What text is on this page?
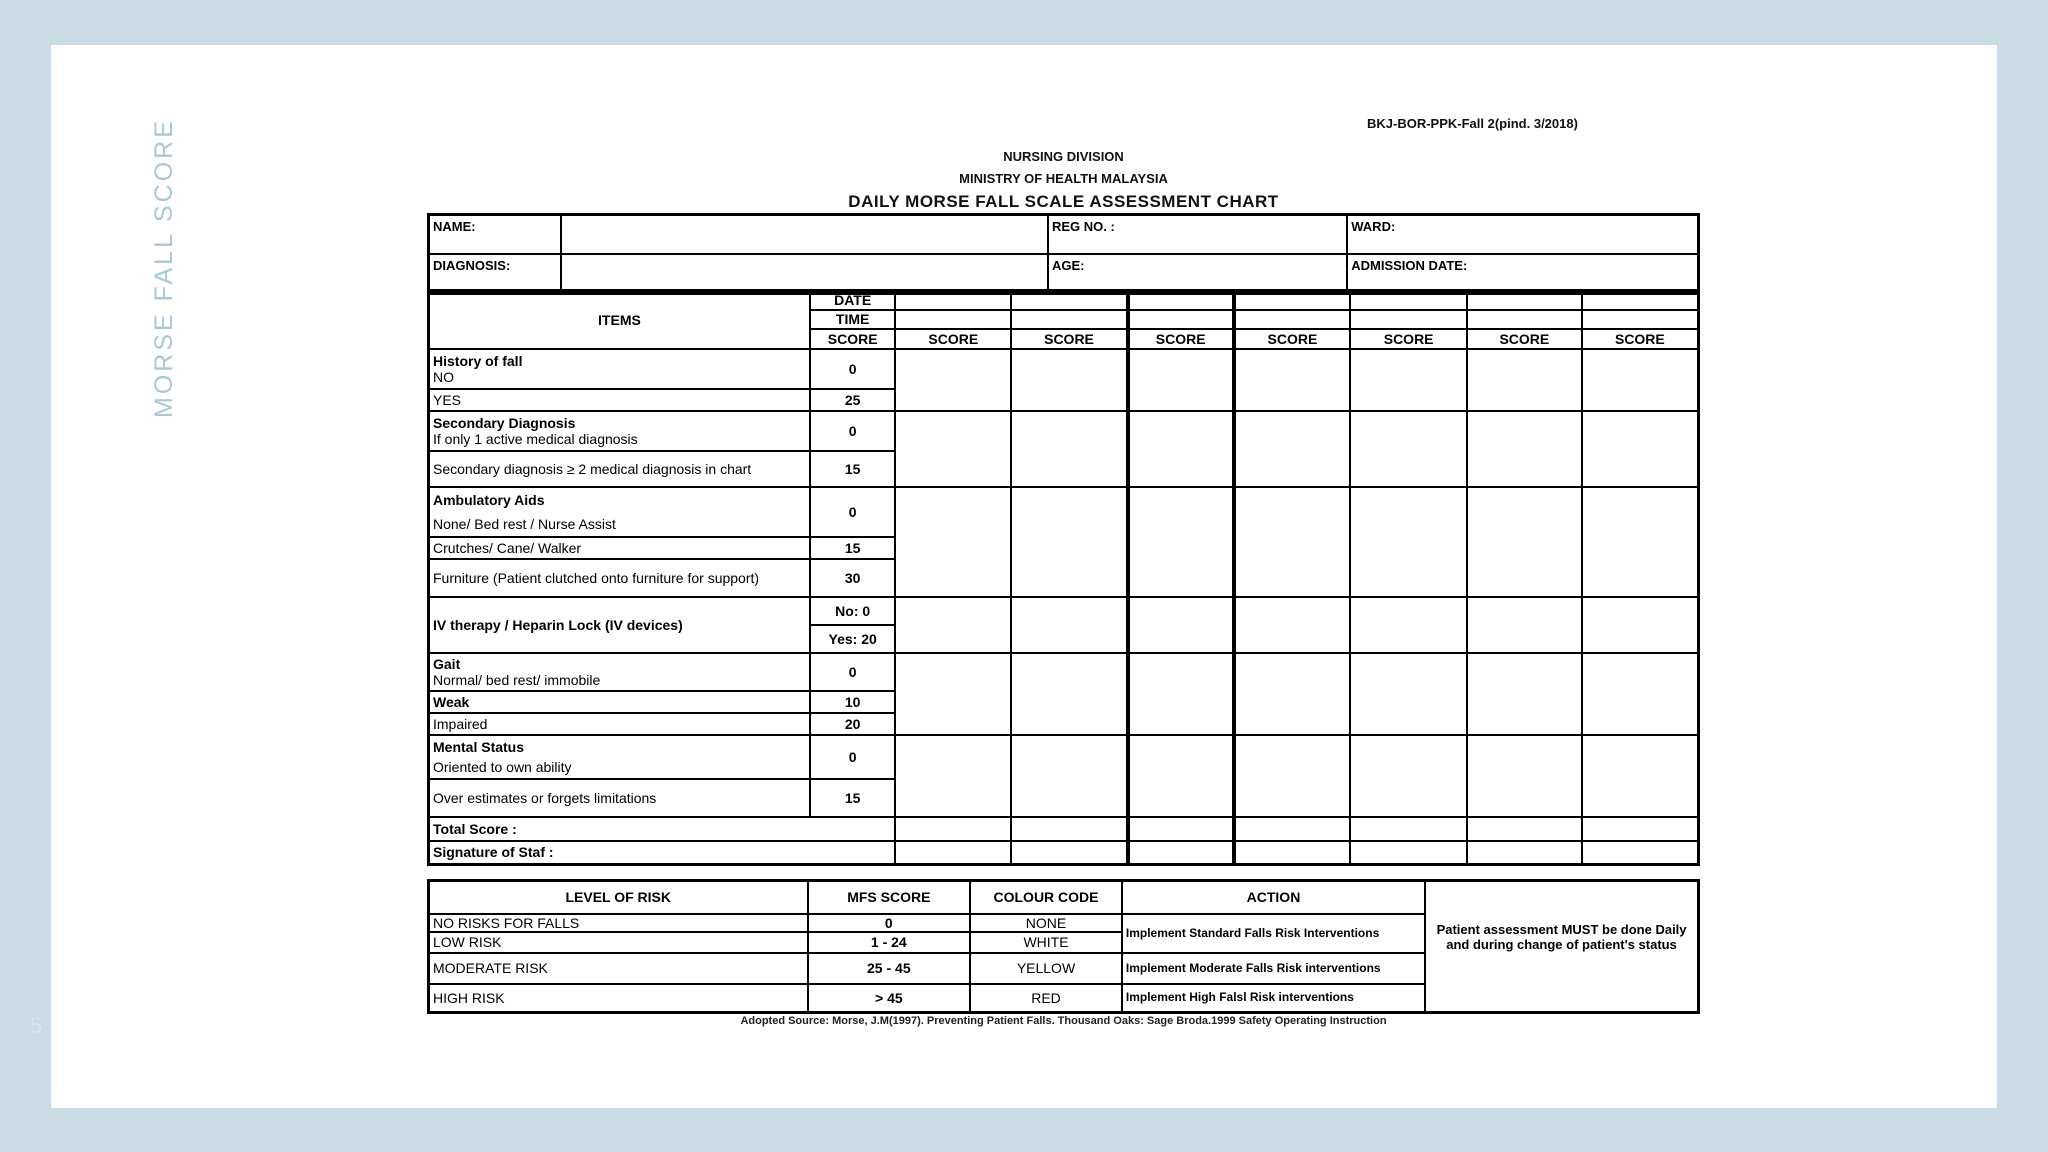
MORSE FALL SCORE
5
BKJ-BOR-PPK-Fall 2(pind. 3/2018)
NURSING DIVISION
MINISTRY OF HEALTH MALAYSIA
DAILY MORSE FALL SCALE ASSESSMENT CHART
NAME:		REG NO. :	WARD:
DIAGNOSIS:		AGE:	ADMISSION DATE:
ITEMS	DATE							
	TIME							
	SCORE	SCORE	SCORE	SCORE	SCORE	SCORE	SCORE	SCORE

History of fall
NO	0							
YES	25							

Secondary Diagnosis
If only 1 active medical diagnosis	0							
Secondary diagnosis ≥ 2 medical diagnosis in chart	15							

Ambulatory Aids
None/ Bed rest / Nurse Assist	0							
Crutches/ Cane/ Walker	15							
Furniture (Patient clutched onto furniture for support)	30							
IV therapy / Heparin Lock (IV devices)	No: 0							
	Yes: 20							

Gait
Normal/ bed rest/ immobile	0							
Weak	10							
Impaired	20							

Mental Status
Oriented to own ability	0							
Over estimates or forgets limitations	15							
Total Score :								
Signature of Staf :								
LEVEL OF RISK	MFS SCORE	COLOUR CODE	ACTION	Patient assessment MUST be done Daily and during change of patient's status
NO RISKS FOR FALLS	0	NONE	Implement Standard Falls Risk Interventions	
LOW RISK	1 - 24	WHITE		
MODERATE RISK	25 - 45	YELLOW	Implement Moderate Falls Risk interventions	
HIGH RISK	> 45	RED	Implement High Falsl Risk interventions	
Adopted Source: Morse, J.M(1997). Preventing Patient Falls. Thousand Oaks: Sage Broda.1999 Safety Operating Instruction
